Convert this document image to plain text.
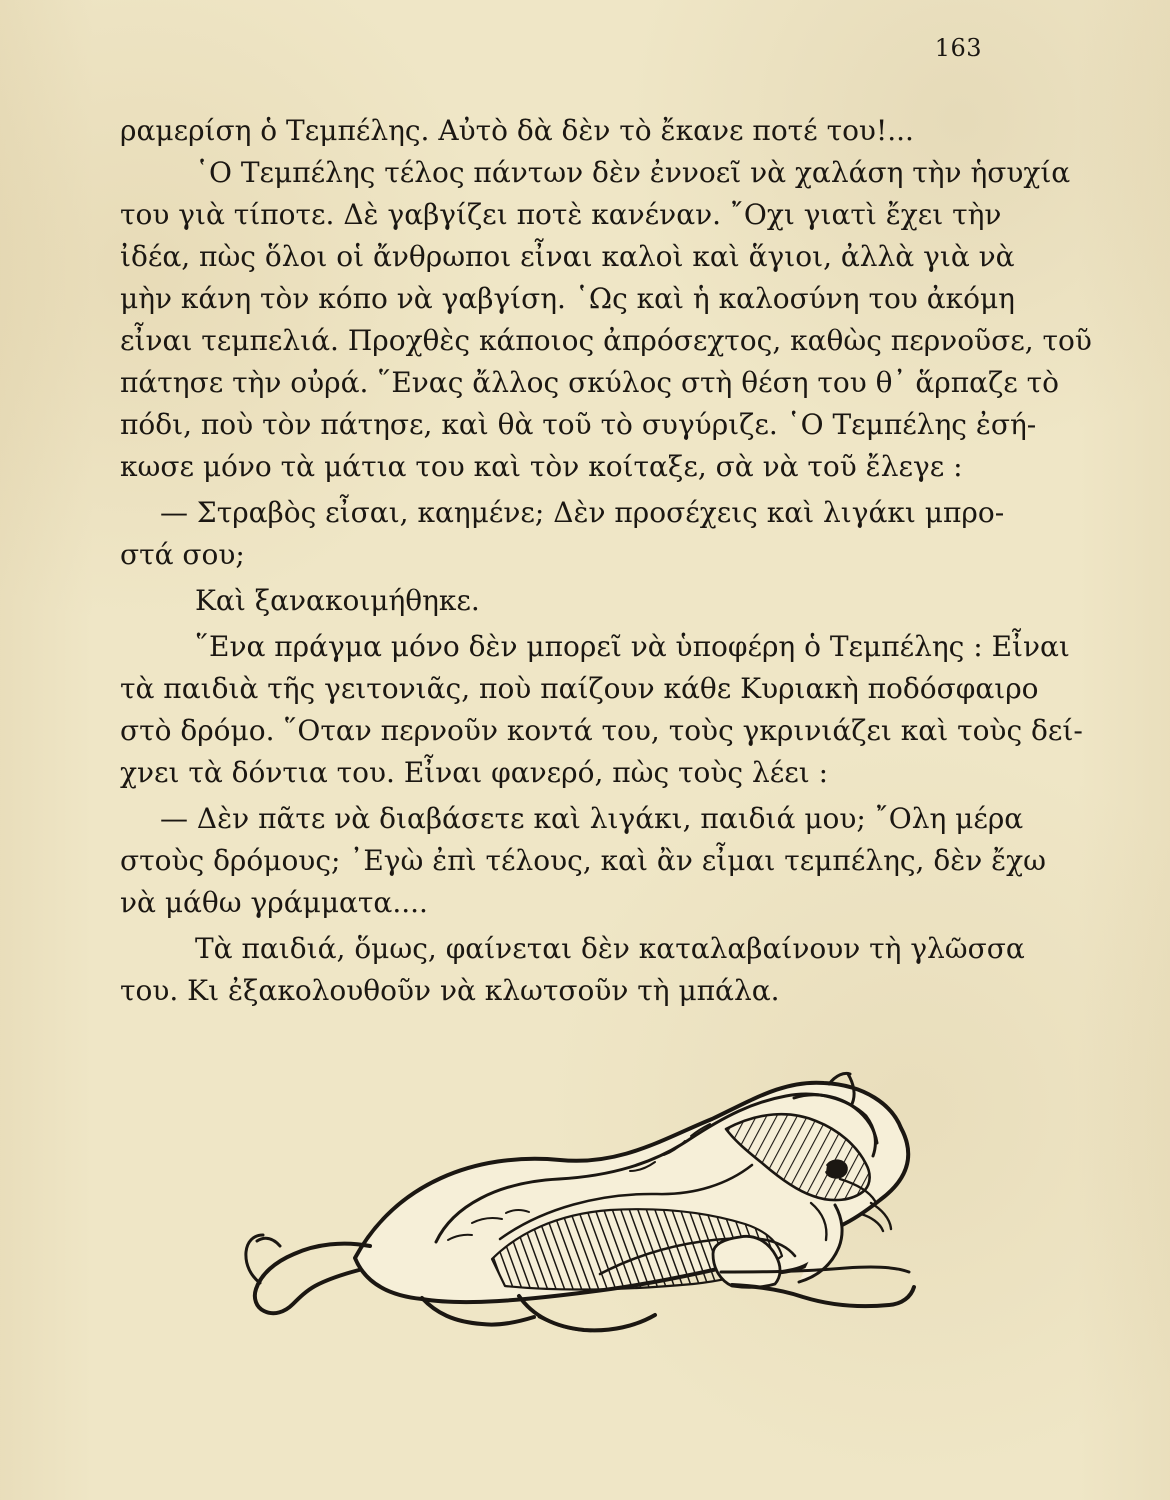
163
ραμερίση ὁ Τεμπέλης. Αὐτὸ δὰ δὲν τὸ ἔκανε ποτέ του!...
῾Ο Τεμπέλης τέλος πάντων δὲν ἐννοεῖ νὰ χαλάση τὴν ἡσυχία
του γιὰ τίποτε. Δὲ γαβγίζει ποτὲ κανέναν. ῎Οχι γιατὶ ἔχει τὴν
ἰδέα, πὼς ὅλοι οἱ ἄνθρωποι εἶναι καλοὶ καὶ ἅγιοι, ἀλλὰ γιὰ νὰ
μὴν κάνη τὸν κόπο νὰ γαβγίση. ῾Ως καὶ ἡ καλοσύνη του ἀκόμη
εἶναι τεμπελιά. Προχθὲς κάποιος ἀπρόσεχτος, καθὼς περνοῦσε, τοῦ
πάτησε τὴν οὐρά. ῞Ενας ἄλλος σκύλος στὴ θέση του θ᾽ ἅρπαζε τὸ
πόδι, ποὺ τὸν πάτησε, καὶ θὰ τοῦ τὸ συγύριζε. ῾Ο Τεμπέλης ἐσή-
κωσε μόνο τὰ μάτια του καὶ τὸν κοίταξε, σὰ νὰ τοῦ ἔλεγε :
— Στραβὸς εἶσαι, καημένε; Δὲν προσέχεις καὶ λιγάκι μπρο-
στά σου;
Καὶ ξανακοιμήθηκε.
῞Ενα πράγμα μόνο δὲν μπορεῖ νὰ ὑποφέρη ὁ Τεμπέλης : Εἶναι
τὰ παιδιὰ τῆς γειτονιᾶς, ποὺ παίζουν κάθε Κυριακὴ ποδόσφαιρο
στὸ δρόμο. ῞Οταν περνοῦν κοντά του, τοὺς γκρινιάζει καὶ τοὺς δεί-
χνει τὰ δόντια του. Εἶναι φανερό, πὼς τοὺς λέει :
— Δὲν πᾶτε νὰ διαβάσετε καὶ λιγάκι, παιδιά μου; ῎Ολη μέρα
στοὺς δρόμους; ᾿Εγὼ ἐπὶ τέλους, καὶ ἂν εἶμαι τεμπέλης, δὲν ἔχω
νὰ μάθω γράμματα....
Τὰ παιδιά, ὅμως, φαίνεται δὲν καταλαβαίνουν τὴ γλῶσσα
του. Κι ἐξακολουθοῦν νὰ κλωτσοῦν τὴ μπάλα.
